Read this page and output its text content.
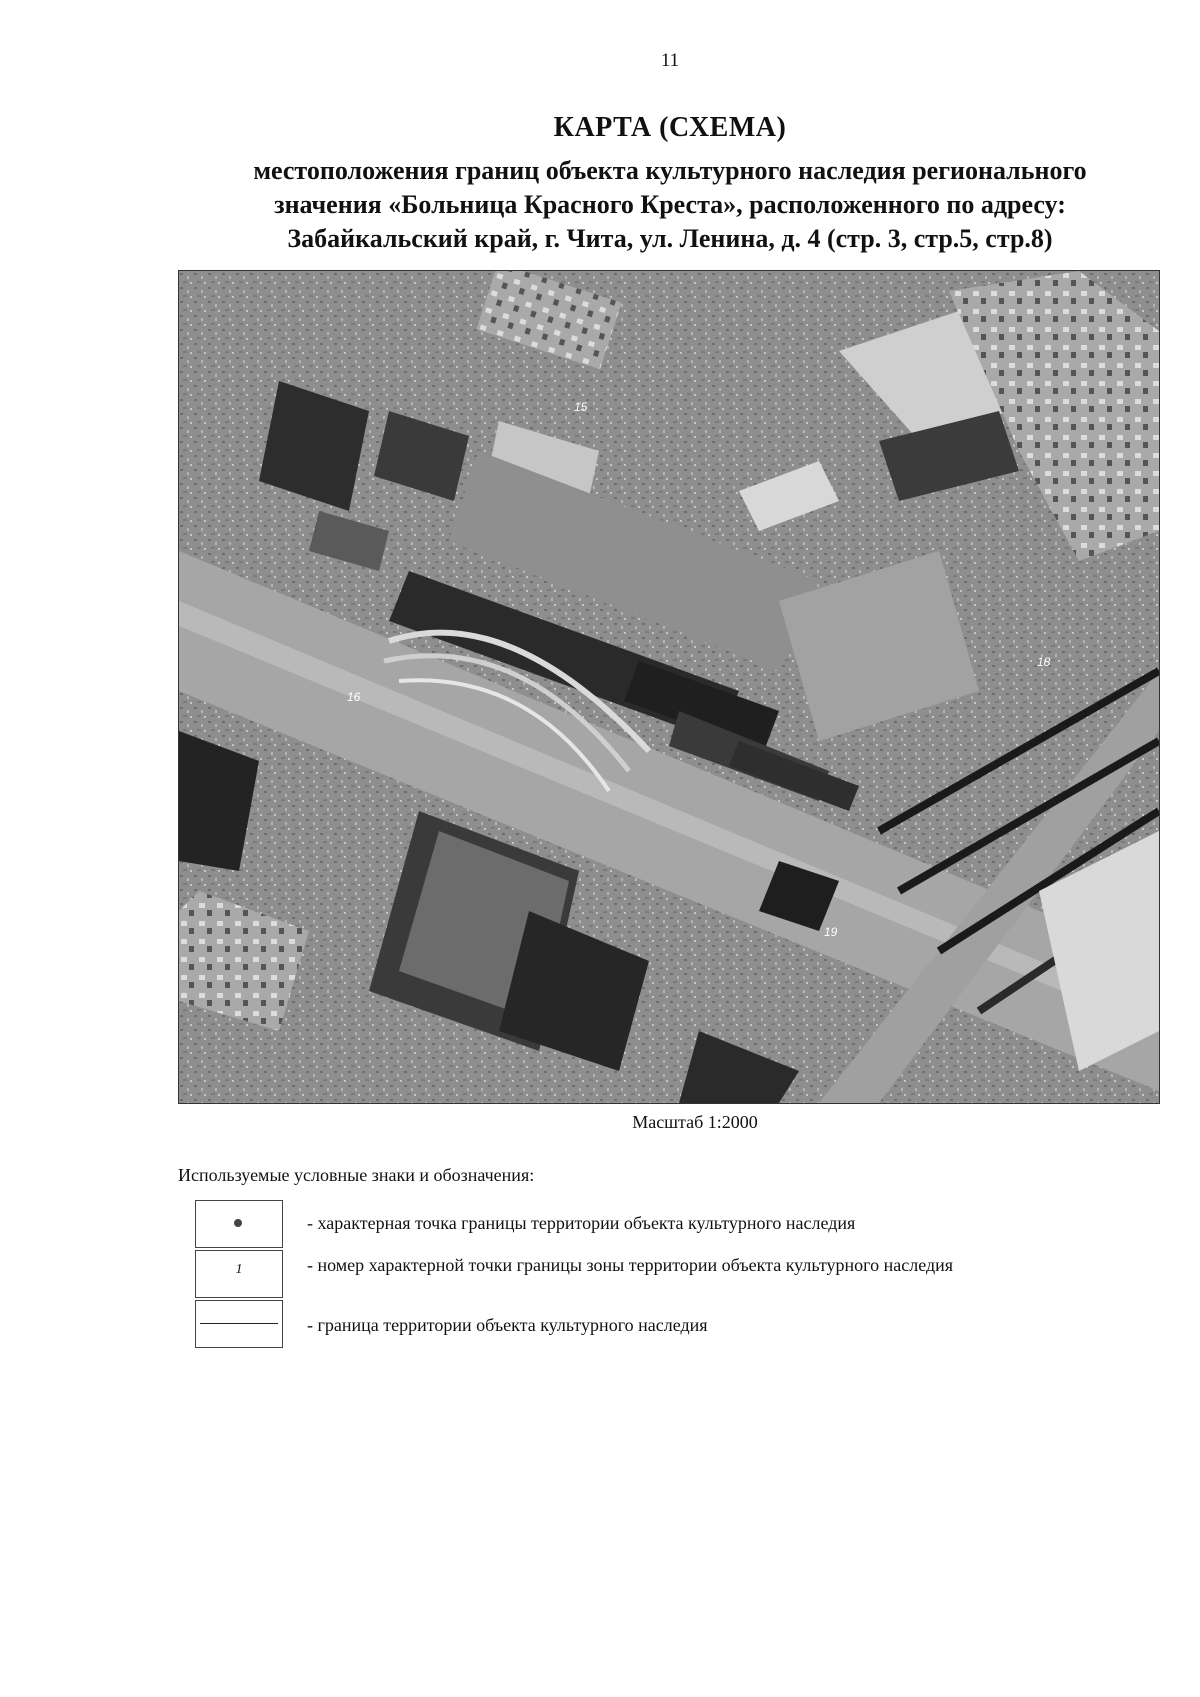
11

КАРТА (СХЕМА)

местоположения границ объекта культурного наследия регионального

значения «Больница Красного Креста», расположенного по адресу:

Забайкальский край, г. Чита, ул. Ленина, д. 4 (стр. 3, стр.5, стр.8)

15
16
18
19
Масштаб 1:2000
Используемые условные знаки и обозначения:
- характерная точка границы территории объекта культурного наследия
1	- номер характерной точки границы зоны территории объекта культурного наследия
- граница территории объекта культурного наследия
